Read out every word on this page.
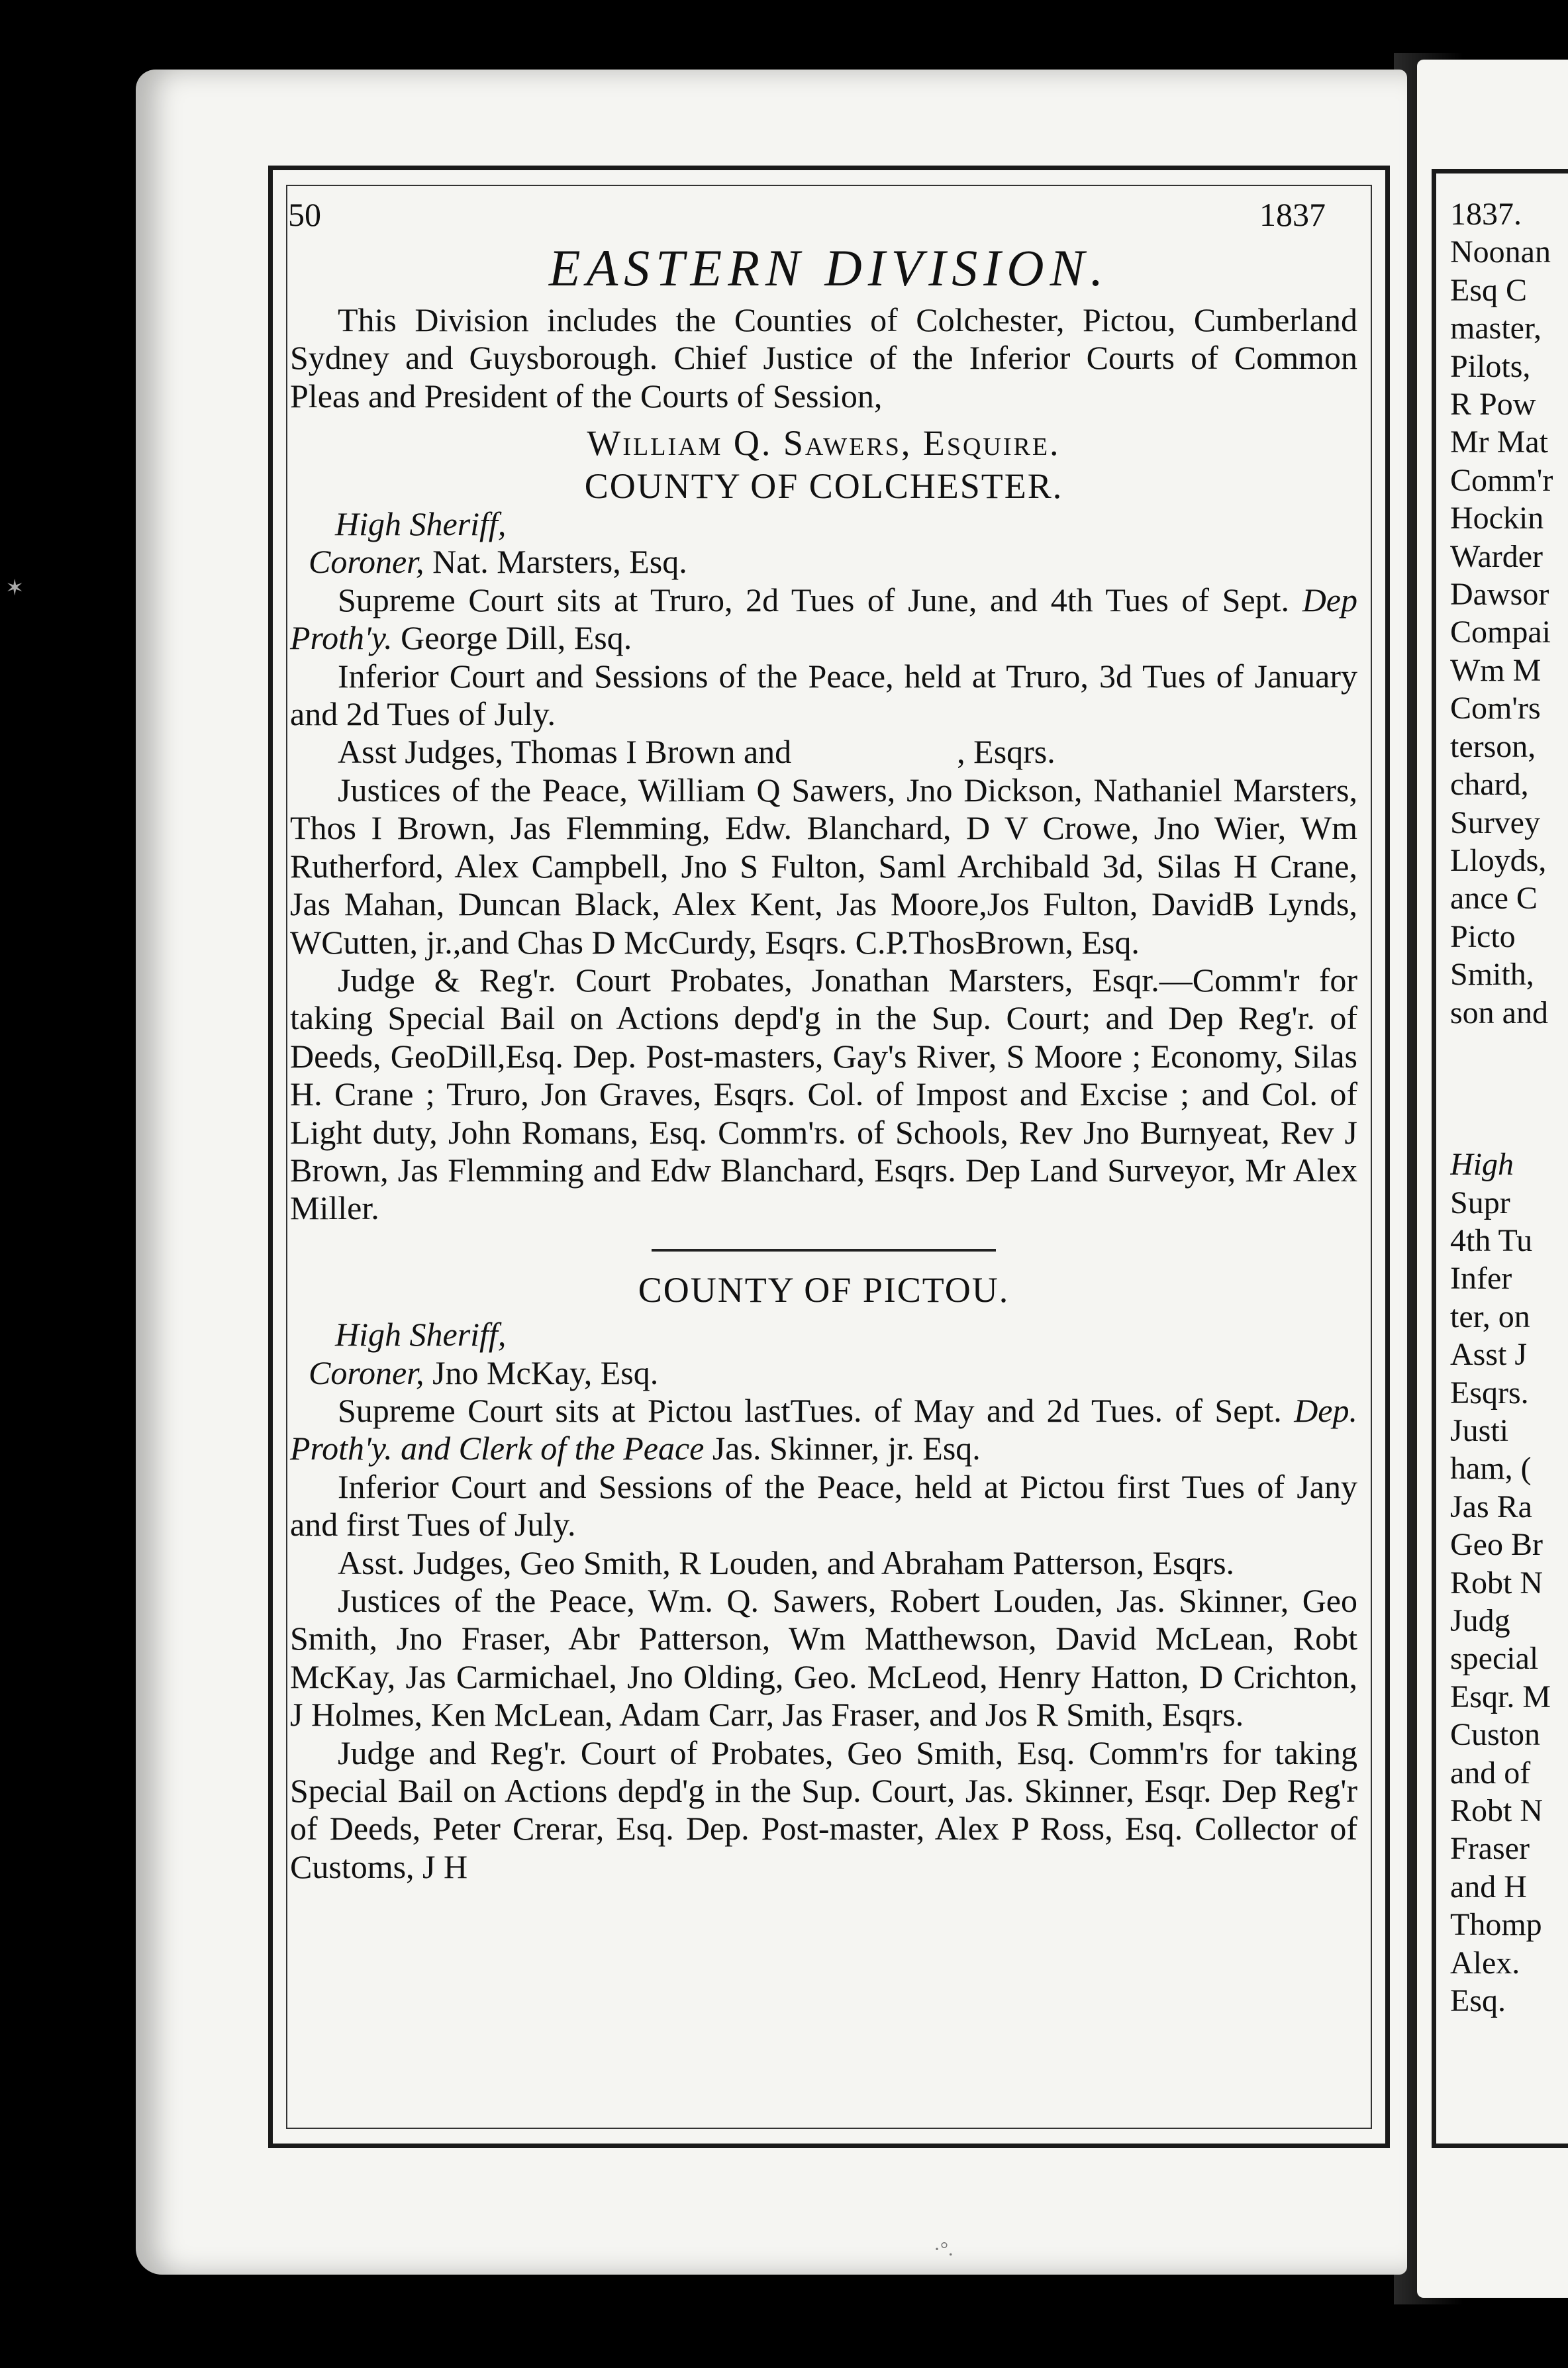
✶
50	1837
EASTERN DIVISION.

This Division includes the Counties of Colchester, Pictou, Cumberland Sydney and Guysborough. Chief Justice of the Inferior Courts of Common Pleas and President of the Courts of Session,

William Q. Sawers, Esquire.

COUNTY OF COLCHESTER.

High Sheriff,

Coroner, Nat. Marsters, Esq.

Supreme Court sits at Truro, 2d Tues of June, and 4th Tues of Sept. Dep Proth'y. George Dill, Esq.

Inferior Court and Sessions of the Peace, held at Truro, 3d Tues of January and 2d Tues of July.

Asst Judges, Thomas I Brown and                    , Esqrs.

Justices of the Peace, William Q Sawers, Jno Dickson, Nathaniel Marsters, Thos I Brown, Jas Flemming, Edw. Blanchard, D V Crowe, Jno Wier, Wm Rutherford, Alex Campbell, Jno S Fulton, Saml Archibald 3d, Silas H Crane, Jas Mahan, Duncan Black, Alex Kent, Jas Moore,Jos Fulton, DavidB Lynds, WCutten, jr.,and Chas D McCurdy, Esqrs. C.P.ThosBrown, Esq.

Judge & Reg'r. Court Probates, Jonathan Marsters, Esqr.—Comm'r for taking Special Bail on Actions depd'g in the Sup. Court; and Dep Reg'r. of Deeds, GeoDill,Esq. Dep. Post-masters, Gay's River, S Moore ; Economy, Silas H. Crane ; Truro, Jon Graves, Esqrs. Col. of Impost and Excise ; and Col. of Light duty, John Romans, Esq. Comm'rs. of Schools, Rev Jno Burnyeat, Rev J Brown, Jas Flemming and Edw Blanchard, Esqrs. Dep Land Surveyor, Mr Alex Miller.

COUNTY OF PICTOU.

High Sheriff,

Coroner, Jno McKay, Esq.

Supreme Court sits at Pictou lastTues. of May and 2d Tues. of Sept. Dep. Proth'y. and Clerk of the Peace Jas. Skinner, jr. Esq.

Inferior Court and Sessions of the Peace, held at Pictou first Tues of Jany and first Tues of July.

Asst. Judges, Geo Smith, R Louden, and Abraham Patterson, Esqrs.

Justices of the Peace, Wm. Q. Sawers, Robert Louden, Jas. Skinner, Geo Smith, Jno Fraser, Abr Patterson, Wm Matthewson, David McLean, Robt McKay, Jas Carmichael, Jno Olding, Geo. McLeod, Henry Hatton, D Crichton, J Holmes, Ken McLean, Adam Carr, Jas Fraser, and Jos R Smith, Esqrs.

Judge and Reg'r. Court of Probates, Geo Smith, Esq. Comm'rs for taking Special Bail on Actions depd'g in the Sup. Court, Jas. Skinner, Esqr. Dep Reg'r of Deeds, Peter Crerar, Esq. Dep. Post-master, Alex P Ross, Esq. Collector of Customs, J H

1837.
Noonan
Esq C
master,
Pilots,
R Pow
Mr Mat
Comm'r
Hockin
Warder
Dawsor
Compai
Wm M
Com'rs
terson,
chard,
Survey
Lloyds,
ance C
Picto
Smith,
son and

High
Supr
4th Tu
Infer
ter, on
Asst J
Esqrs.
Justi
ham, (
Jas Ra
Geo Br
Robt N
Judg
special
Esqr. M
Custon
and of
Robt N
Fraser
and H
Thomp
Alex.
Esq.
·°.
